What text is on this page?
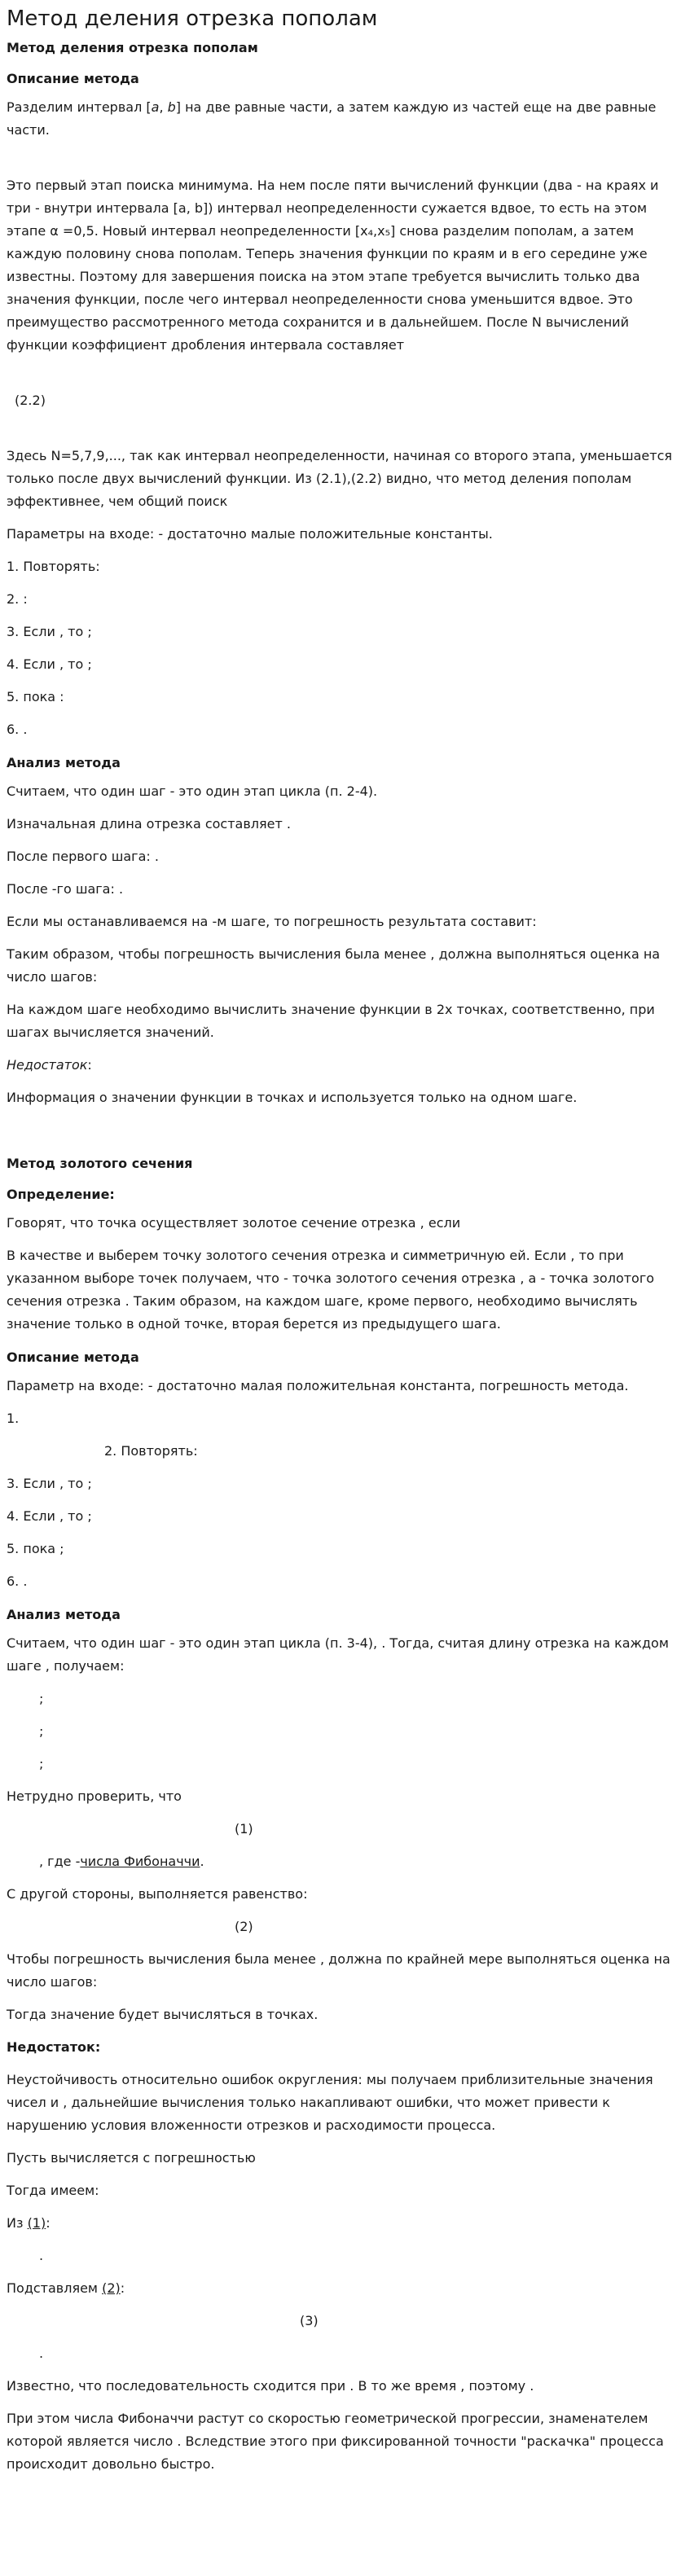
Метод деления отрезка пополам
Метод деления отрезка пополам
Описание метода

Разделим интервал [a, b] на две равные части, а затем каждую из частей еще на две равные части.

Это первый этап поиска минимума. На нем после пяти вычислений функции (два - на краях и три - внутри интервала [a, b]) интервал неопределенности сужается вдвое, то есть на этом этапе α =0,5. Новый интервал неопределенности [x₄,x₅] снова разделим пополам, а затем каждую половину снова пополам. Теперь значения функции по краям и в его середине уже известны. Поэтому для завершения поиска на этом этапе требуется вычислить только два значения функции, после чего интервал неопределенности снова уменьшится вдвое. Это преимущество рассмотренного метода сохранится и в дальнейшем. После N вычислений функции коэффициент дробления интервала составляет

(2.2)

Здесь N=5,7,9,..., так как интервал неопределенности, начиная со второго этапа, уменьшается только после двух вычислений функции. Из (2.1),(2.2) видно, что метод деления пополам эффективнее, чем общий поиск

Параметры на входе: - достаточно малые положительные константы.

1. Повторять:

2. :

3. Если , то ;

4. Если , то ;

5. пока :

6. .

Анализ метода

Считаем, что один шаг - это один этап цикла (п. 2-4).

Изначальная длина отрезка составляет .

После первого шага: .

После -го шага: .

Если мы останавливаемся на -м шаге, то погрешность результата составит:

Таким образом, чтобы погрешность вычисления была менее , должна выполняться оценка на число шагов:

На каждом шаге необходимо вычислить значение функции в 2х точках, соответственно, при шагах вычисляется значений.

Недостаток:

Информация о значении функции в точках и используется только на одном шаге.

Метод золотого сечения
Определение:

Говорят, что точка осуществляет золотое сечение отрезка , если

В качестве и выберем точку золотого сечения отрезка и симметричную ей. Если , то при указанном выборе точек получаем, что - точка золотого сечения отрезка , а - точка золотого сечения отрезка . Таким образом, на каждом шаге, кроме первого, необходимо вычислять значение только в одной точке, вторая берется из предыдущего шага.

Описание метода

Параметр на входе: - достаточно малая положительная константа, погрешность метода.

1.

2. Повторять:

3. Если , то ;

4. Если , то ;

5. пока ;

6. .

Анализ метода

Считаем, что один шаг - это один этап цикла (п. 3-4), . Тогда, считая длину отрезка на каждом шаге , получаем:

;

;

;

Нетрудно проверить, что

(1)

, где -числа Фибоначчи.

С другой стороны, выполняется равенство:

(2)

Чтобы погрешность вычисления была менее , должна по крайней мере выполняться оценка на число шагов:

Тогда значение будет вычисляться в точках.

Недостаток:

Неустойчивость относительно ошибок округления: мы получаем приблизительные значения чисел и , дальнейшие вычисления только накапливают ошибки, что может привести к нарушению условия вложенности отрезков и расходимости процесса.

Пусть вычисляется с погрешностью

Тогда имеем:

Из (1):

.

Подставляем (2):

(3)

.

Известно, что последовательность сходится при . В то же время , поэтому .

При этом числа Фибоначчи растут со скоростью геометрической прогрессии, знаменателем которой является число . Вследствие этого при фиксированной точности "раскачка" процесса происходит довольно быстро.
